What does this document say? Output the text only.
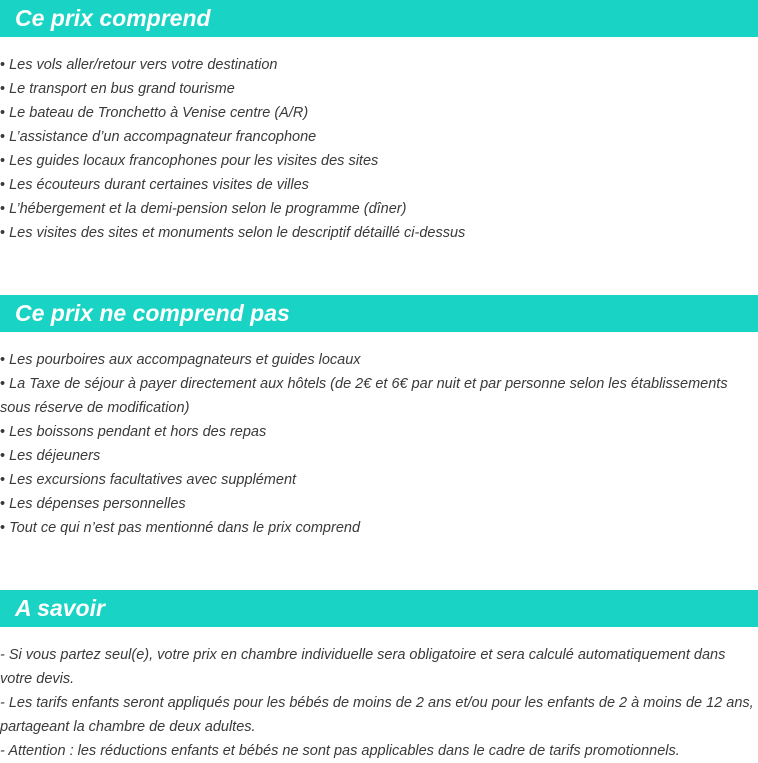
Ce prix comprend
• Les vols aller/retour vers votre destination
• Le transport en bus grand tourisme
• Le bateau de Tronchetto à Venise centre (A/R)
• L’assistance d’un accompagnateur francophone
• Les guides locaux francophones pour les visites des sites
• Les écouteurs durant certaines visites de villes
• L’hébergement et la demi-pension selon le programme (dîner)
• Les visites des sites et monuments selon le descriptif détaillé ci-dessus
Ce prix ne comprend pas
• Les pourboires aux accompagnateurs et guides locaux
• La Taxe de séjour à payer directement aux hôtels (de 2€ et 6€ par nuit et par personne selon les établissements sous réserve de modification)
• Les boissons pendant et hors des repas
• Les déjeuners
• Les excursions facultatives avec supplément
• Les dépenses personnelles
• Tout ce qui n’est pas mentionné dans le prix comprend
A savoir

- Si vous partez seul(e), votre prix en chambre individuelle sera obligatoire et sera calculé automatiquement dans votre devis.

- Les tarifs enfants seront appliqués pour les bébés de moins de 2 ans et/ou pour les enfants de 2 à moins de 12 ans, partageant la chambre de deux adultes.

- Attention : les réductions enfants et bébés ne sont pas applicables dans le cadre de tarifs promotionnels.
